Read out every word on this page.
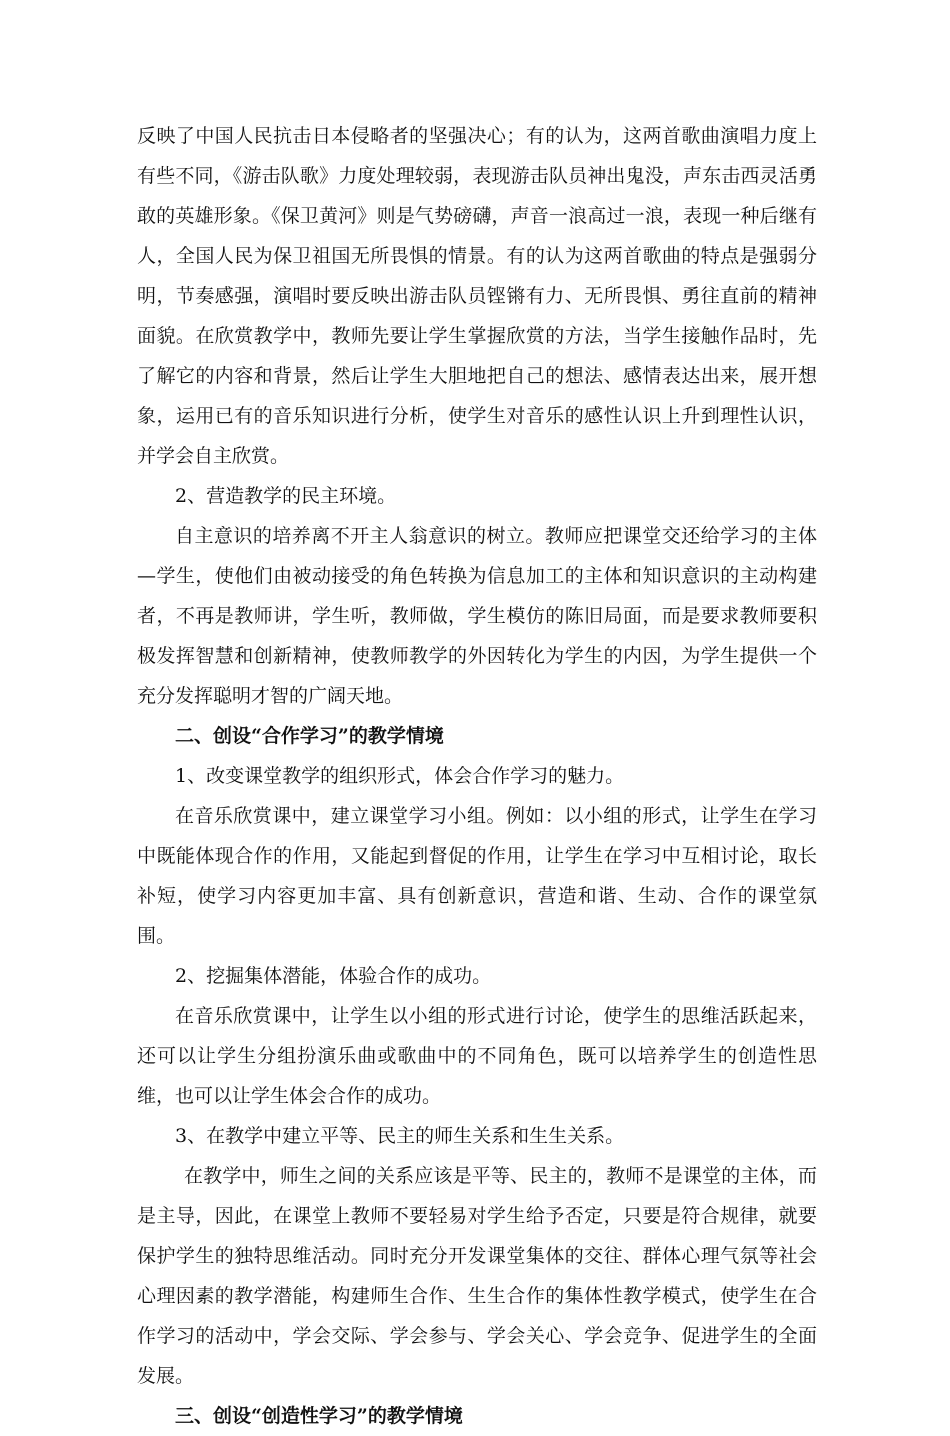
反映了中国人民抗击日本侵略者的坚强决心；有的认为，这两首歌曲演唱力度上有些不同，《游击队歌》力度处理较弱，表现游击队员神出鬼没，声东击西灵活勇敢的英雄形象。《保卫黄河》则是气势磅礴，声音一浪高过一浪，表现一种后继有人，全国人民为保卫祖国无所畏惧的情景。有的认为这两首歌曲的特点是强弱分明，节奏感强，演唱时要反映出游击队员铿锵有力、无所畏惧、勇往直前的精神面貌。在欣赏教学中，教师先要让学生掌握欣赏的方法，当学生接触作品时，先了解它的内容和背景，然后让学生大胆地把自己的想法、感情表达出来，展开想象，运用已有的音乐知识进行分析，使学生对音乐的感性认识上升到理性认识，并学会自主欣赏。

2、营造教学的民主环境。

自主意识的培养离不开主人翁意识的树立。教师应把课堂交还给学习的主体—学生，使他们由被动接受的角色转换为信息加工的主体和知识意识的主动构建者，不再是教师讲，学生听，教师做，学生模仿的陈旧局面，而是要求教师要积极发挥智慧和创新精神，使教师教学的外因转化为学生的内因，为学生提供一个充分发挥聪明才智的广阔天地。

二、创设“合作学习”的教学情境

1、改变课堂教学的组织形式，体会合作学习的魅力。

在音乐欣赏课中，建立课堂学习小组。例如：以小组的形式，让学生在学习中既能体现合作的作用，又能起到督促的作用，让学生在学习中互相讨论，取长补短，使学习内容更加丰富、具有创新意识，营造和谐、生动、合作的课堂氛围。

2、挖掘集体潜能，体验合作的成功。

在音乐欣赏课中，让学生以小组的形式进行讨论，使学生的思维活跃起来，还可以让学生分组扮演乐曲或歌曲中的不同角色，既可以培养学生的创造性思维，也可以让学生体会合作的成功。

3、在教学中建立平等、民主的师生关系和生生关系。

在教学中，师生之间的关系应该是平等、民主的，教师不是课堂的主体，而是主导，因此，在课堂上教师不要轻易对学生给予否定，只要是符合规律，就要保护学生的独特思维活动。同时充分开发课堂集体的交往、群体心理气氛等社会心理因素的教学潜能，构建师生合作、生生合作的集体性教学模式，使学生在合作学习的活动中，学会交际、学会参与、学会关心、学会竞争、促进学生的全面发展。

三、创设“创造性学习”的教学情境
